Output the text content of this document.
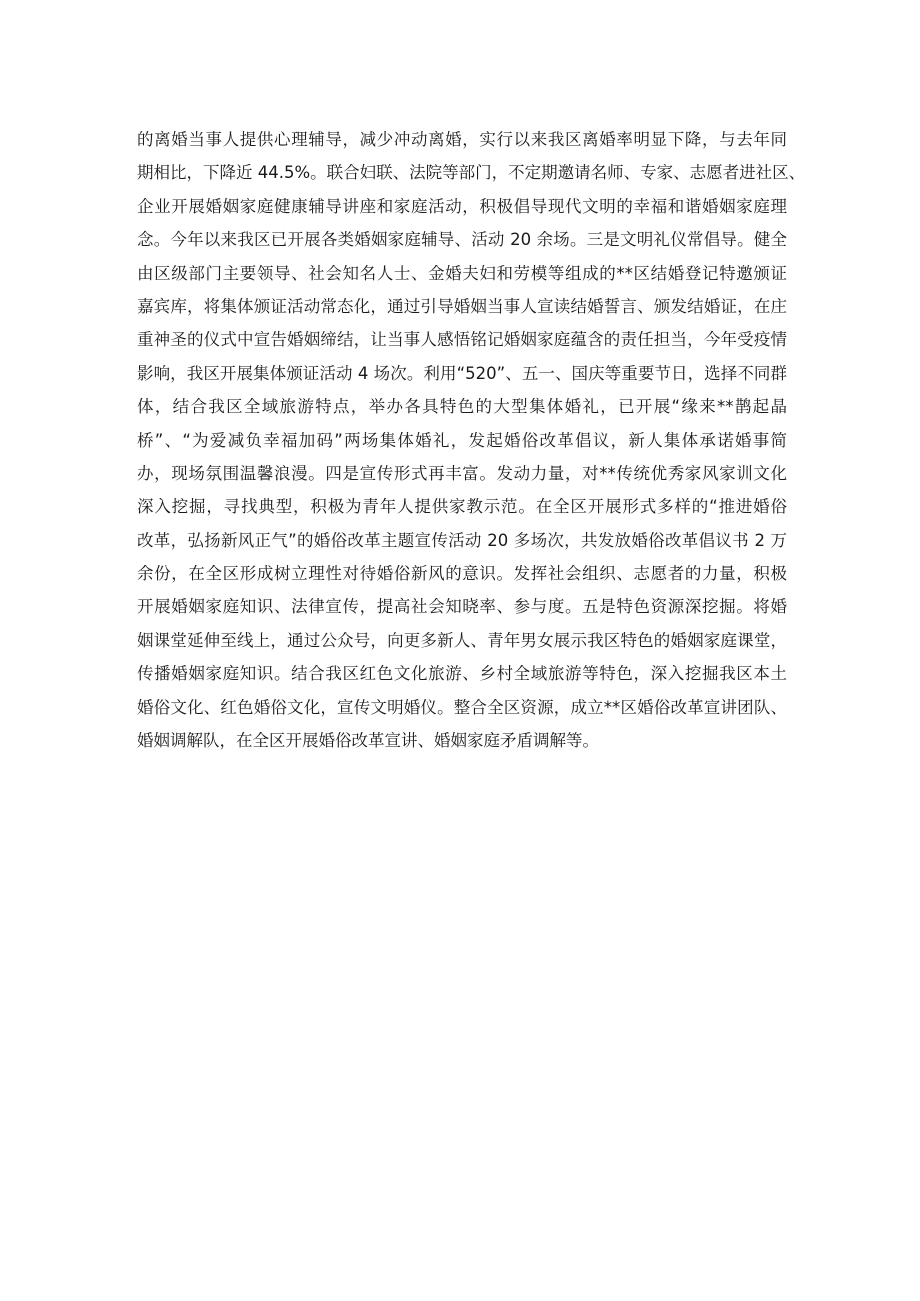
的离婚当事人提供心理辅导，减少冲动离婚，实行以来我区离婚率明显下降，与去年同
期相比，下降近 44.5%。联合妇联、法院等部门，不定期邀请名师、专家、志愿者进社区、
企业开展婚姻家庭健康辅导讲座和家庭活动，积极倡导现代文明的幸福和谐婚姻家庭理
念。今年以来我区已开展各类婚姻家庭辅导、活动 20 余场。三是文明礼仪常倡导。健全
由区级部门主要领导、社会知名人士、金婚夫妇和劳模等组成的**区结婚登记特邀颁证
嘉宾库，将集体颁证活动常态化，通过引导婚姻当事人宣读结婚誓言、颁发结婚证，在庄
重神圣的仪式中宣告婚姻缔结，让当事人感悟铭记婚姻家庭蕴含的责任担当，今年受疫情
影响，我区开展集体颁证活动 4 场次。利用“520”、五一、国庆等重要节日，选择不同群
体，结合我区全域旅游特点，举办各具特色的大型集体婚礼，已开展“缘来**鹊起晶
桥”、“为爱减负幸福加码”两场集体婚礼，发起婚俗改革倡议，新人集体承诺婚事简
办，现场氛围温馨浪漫。四是宣传形式再丰富。发动力量，对**传统优秀家风家训文化
深入挖掘，寻找典型，积极为青年人提供家教示范。在全区开展形式多样的“推进婚俗
改革，弘扬新风正气”的婚俗改革主题宣传活动 20 多场次，共发放婚俗改革倡议书 2 万
余份，在全区形成树立理性对待婚俗新风的意识。发挥社会组织、志愿者的力量，积极
开展婚姻家庭知识、法律宣传，提高社会知晓率、参与度。五是特色资源深挖掘。将婚
姻课堂延伸至线上，通过公众号，向更多新人、青年男女展示我区特色的婚姻家庭课堂，
传播婚姻家庭知识。结合我区红色文化旅游、乡村全域旅游等特色，深入挖掘我区本土
婚俗文化、红色婚俗文化，宣传文明婚仪。整合全区资源，成立**区婚俗改革宣讲团队、
婚姻调解队，在全区开展婚俗改革宣讲、婚姻家庭矛盾调解等。
